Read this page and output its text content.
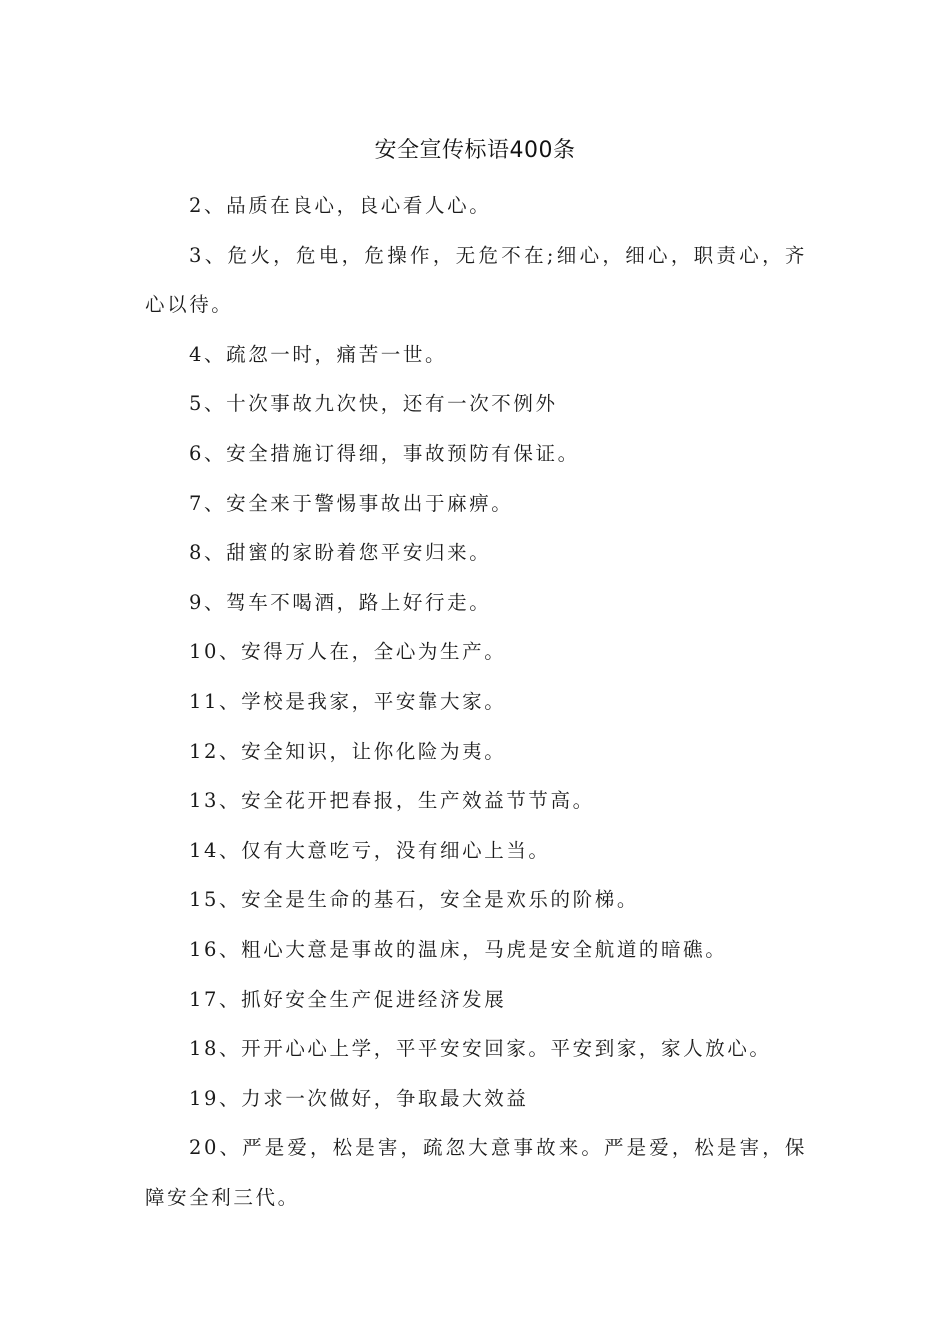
安全宣传标语400条
2、品质在良心，良心看人心。
3、危火，危电，危操作，无危不在;细心，细心，职责心，齐心以待。
4、疏忽一时，痛苦一世。
5、十次事故九次快，还有一次不例外
6、安全措施订得细，事故预防有保证。
7、安全来于警惕事故出于麻痹。
8、甜蜜的家盼着您平安归来。
9、驾车不喝酒，路上好行走。
10、安得万人在，全心为生产。
11、学校是我家，平安靠大家。
12、安全知识，让你化险为夷。
13、安全花开把春报，生产效益节节高。
14、仅有大意吃亏，没有细心上当。
15、安全是生命的基石，安全是欢乐的阶梯。
16、粗心大意是事故的温床，马虎是安全航道的暗礁。
17、抓好安全生产促进经济发展
18、开开心心上学，平平安安回家。平安到家，家人放心。
19、力求一次做好，争取最大效益
20、严是爱，松是害，疏忽大意事故来。严是爱，松是害，保障安全利三代。
